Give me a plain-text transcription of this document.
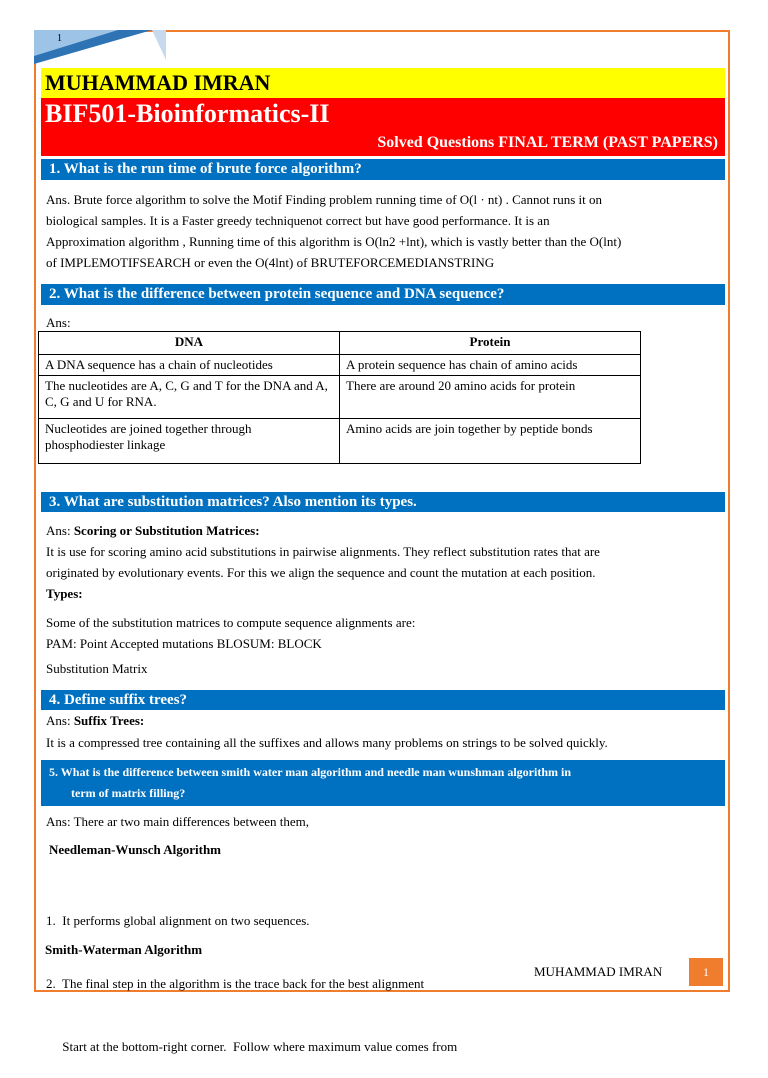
1
MUHAMMAD IMRAN
BIF501-Bioinformatics-II
Solved Questions FINAL TERM (PAST PAPERS)
1. What is the run time of brute force algorithm?
Ans. Brute force algorithm to solve the Motif Finding problem running time of O(l · nt) . Cannot runs it on
biological samples. It is a Faster greedy techniquenot correct but have good performance. It is an
Approximation algorithm , Running time of this algorithm is O(ln2 +lnt), which is vastly better than the O(lnt)
of IMPLEMOTIFSEARCH or even the O(4lnt) of BRUTEFORCEMEDIANSTRING
2. What is the difference between protein sequence and DNA sequence?
Ans:
DNA	Protein
A DNA sequence has a chain of nucleotides	A protein sequence has chain of amino acids
The nucleotides are A, C, G and T for the DNA and A, C, G and U for RNA.	There are around 20 amino acids for protein
Nucleotides are joined together through phosphodiester linkage	Amino acids are join together by peptide bonds
3. What are substitution matrices? Also mention its types.
Ans: Scoring or Substitution Matrices:
It is use for scoring amino acid substitutions in pairwise alignments. They reflect substitution rates that are
originated by evolutionary events. For this we align the sequence and count the mutation at each position.
Types:
Some of the substitution matrices to compute sequence alignments are:
PAM: Point Accepted mutations BLOSUM: BLOCK
Substitution Matrix
4. Define suffix trees?
Ans: Suffix Trees:
It is a compressed tree containing all the suffixes and allows many problems on strings to be solved quickly.
5. What is the difference between smith water man algorithm and needle man wunshman algorithm in
term of matrix filling?
Ans: There ar two main differences between them,
Needleman-Wunsch Algorithm

1.  It performs global alignment on two sequences.

2.  The final step in the algorithm is the trace back for the best alignment

Start at the bottom-right corner.  Follow where maximum value comes from

Smith-Waterman Algorithm
MUHAMMAD IMRAN	1
